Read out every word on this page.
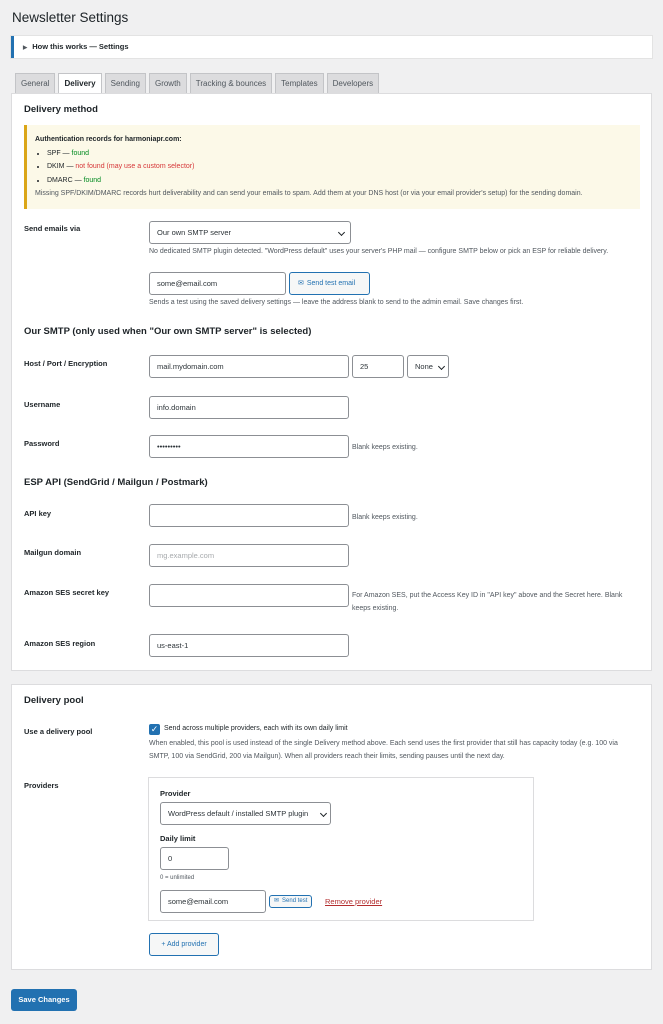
Newsletter Settings
▶ How this works — Settings
General	Delivery	Sending	Growth	Tracking & bounces	Templates	Developers
Delivery method
Authentication records for harmoniapr.com:
• SPF — found
• DKIM — not found (may use a custom selector)
• DMARC — found
Missing SPF/DKIM/DMARC records hurt deliverability and can send your emails to spam. Add them at your DNS host (or via your email provider's setup) for the sending domain.
Send emails via	Our own SMTP server
No dedicated SMTP plugin detected. "WordPress default" uses your server's PHP mail — configure SMTP below or pick an ESP for reliable delivery.
some@email.com	✉ Send test email
Sends a test using the saved delivery settings — leave the address blank to send to the admin email. Save changes first.
Our SMTP (only used when "Our own SMTP server" is selected)
Host / Port / Encryption	mail.mydomain.com	25	None
Username	info.domain
Password	•••••••••	Blank keeps existing.
ESP API (SendGrid / Mailgun / Postmark)
API key	Blank keeps existing.
Mailgun domain	mg.example.com
Amazon SES secret key	For Amazon SES, put the Access Key ID in "API key" above and the Secret here. Blank keeps existing.
Amazon SES region	us-east-1
Delivery pool
Use a delivery pool	✓ Send across multiple providers, each with its own daily limit
When enabled, this pool is used instead of the single Delivery method above. Each send uses the first provider that still has capacity today (e.g. 100 via SMTP, 100 via SendGrid, 200 via Mailgun). When all providers reach their limits, sending pauses until the next day.
Providers
Provider
WordPress default / installed SMTP plugin
Daily limit
0
0 = unlimited
some@email.com	✉ Send test	Remove provider
+ Add provider
Save Changes
